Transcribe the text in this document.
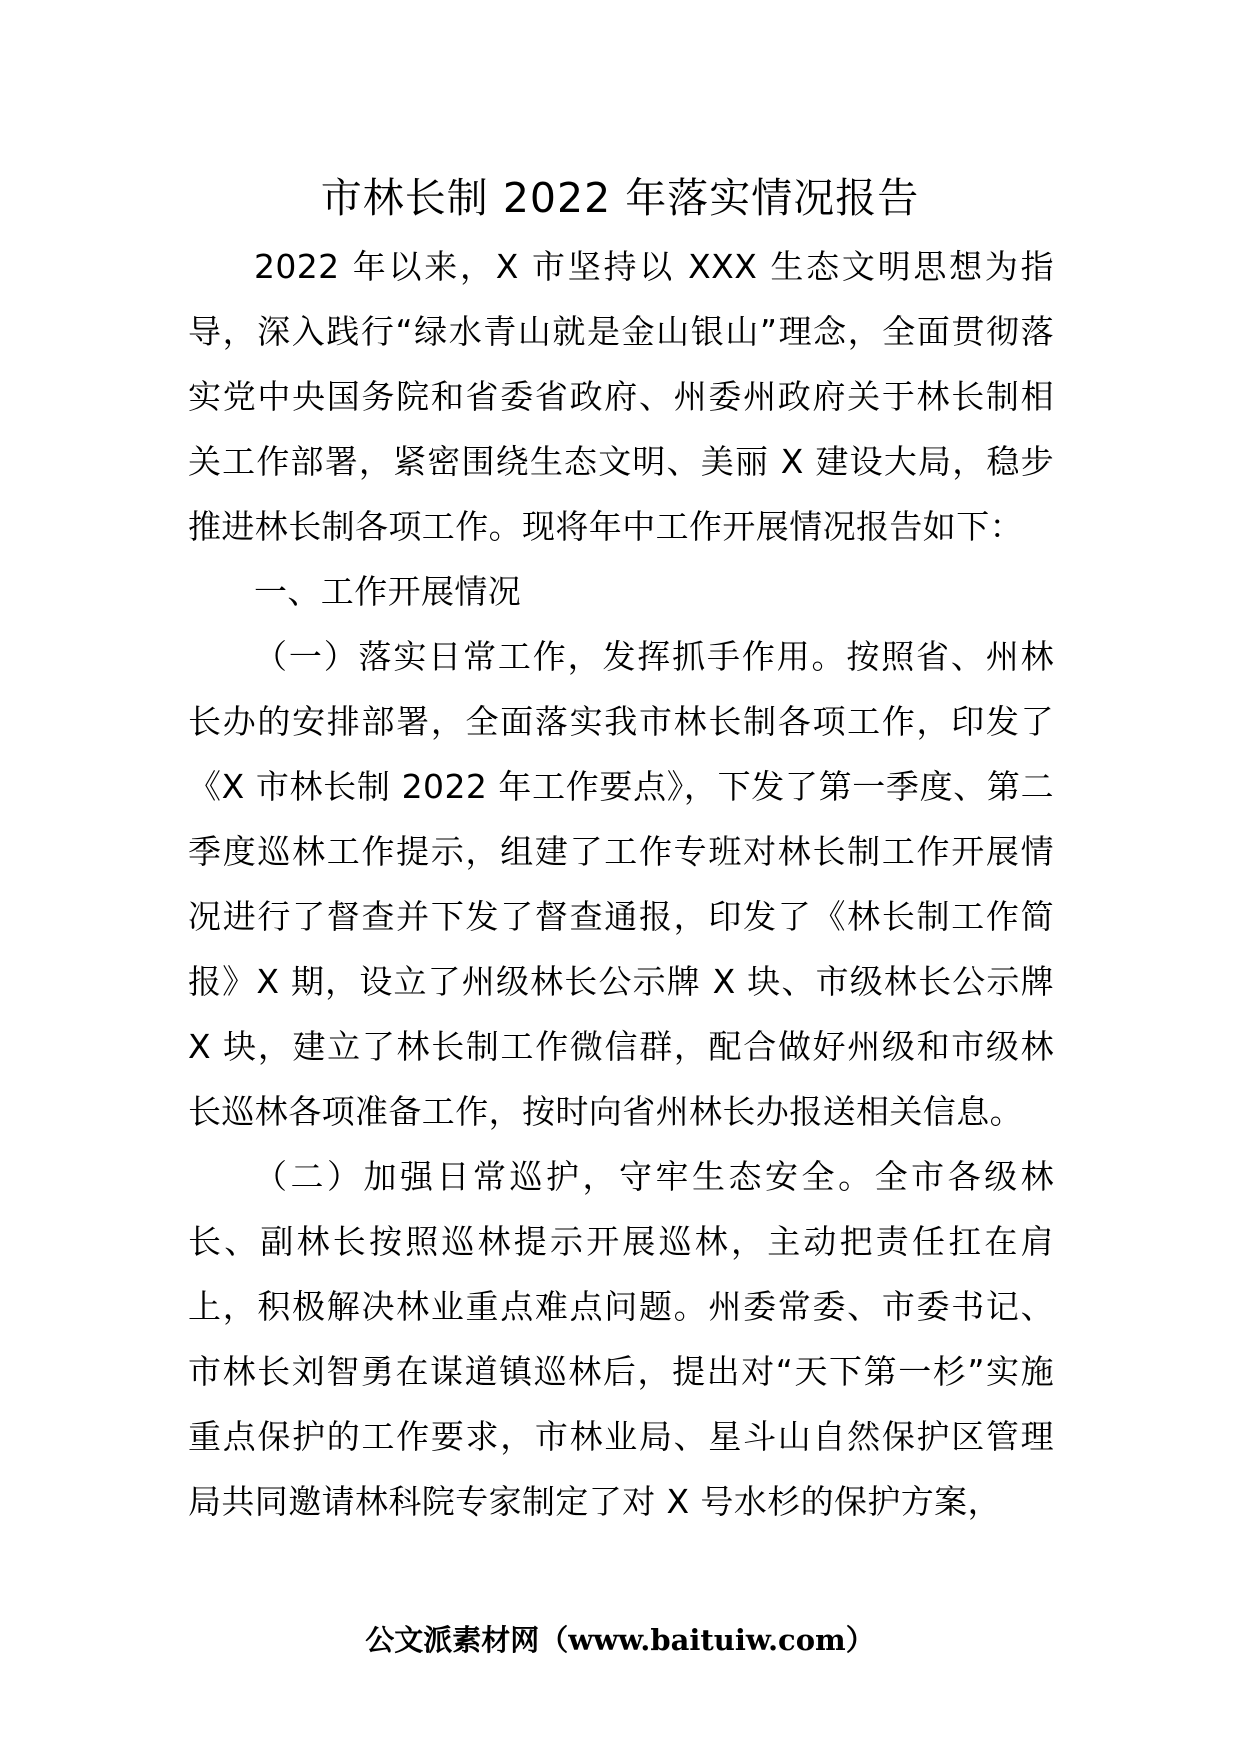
市林长制 2022 年落实情况报告

2022 年以来，X 市坚持以 XXX 生态文明思想为指导，深入践行“绿水青山就是金山银山”理念，全面贯彻落实党中央国务院和省委省政府、州委州政府关于林长制相关工作部署，紧密围绕生态文明、美丽 X 建设大局，稳步推进林长制各项工作。现将年中工作开展情况报告如下：

一、工作开展情况

（一）落实日常工作，发挥抓手作用。按照省、州林长办的安排部署，全面落实我市林长制各项工作，印发了《X 市林长制 2022 年工作要点》，下发了第一季度、第二季度巡林工作提示，组建了工作专班对林长制工作开展情况进行了督查并下发了督查通报，印发了《林长制工作简报》X 期，设立了州级林长公示牌 X 块、市级林长公示牌 X 块，建立了林长制工作微信群，配合做好州级和市级林长巡林各项准备工作，按时向省州林长办报送相关信息。

（二）加强日常巡护，守牢生态安全。全市各级林长、副林长按照巡林提示开展巡林，主动把责任扛在肩上，积极解决林业重点难点问题。州委常委、市委书记、市林长刘智勇在谋道镇巡林后，提出对“天下第一杉”实施重点保护的工作要求，市林业局、星斗山自然保护区管理局共同邀请林科院专家制定了对 X 号水杉的保护方案，

公文派素材网（www.baituiw.com）
